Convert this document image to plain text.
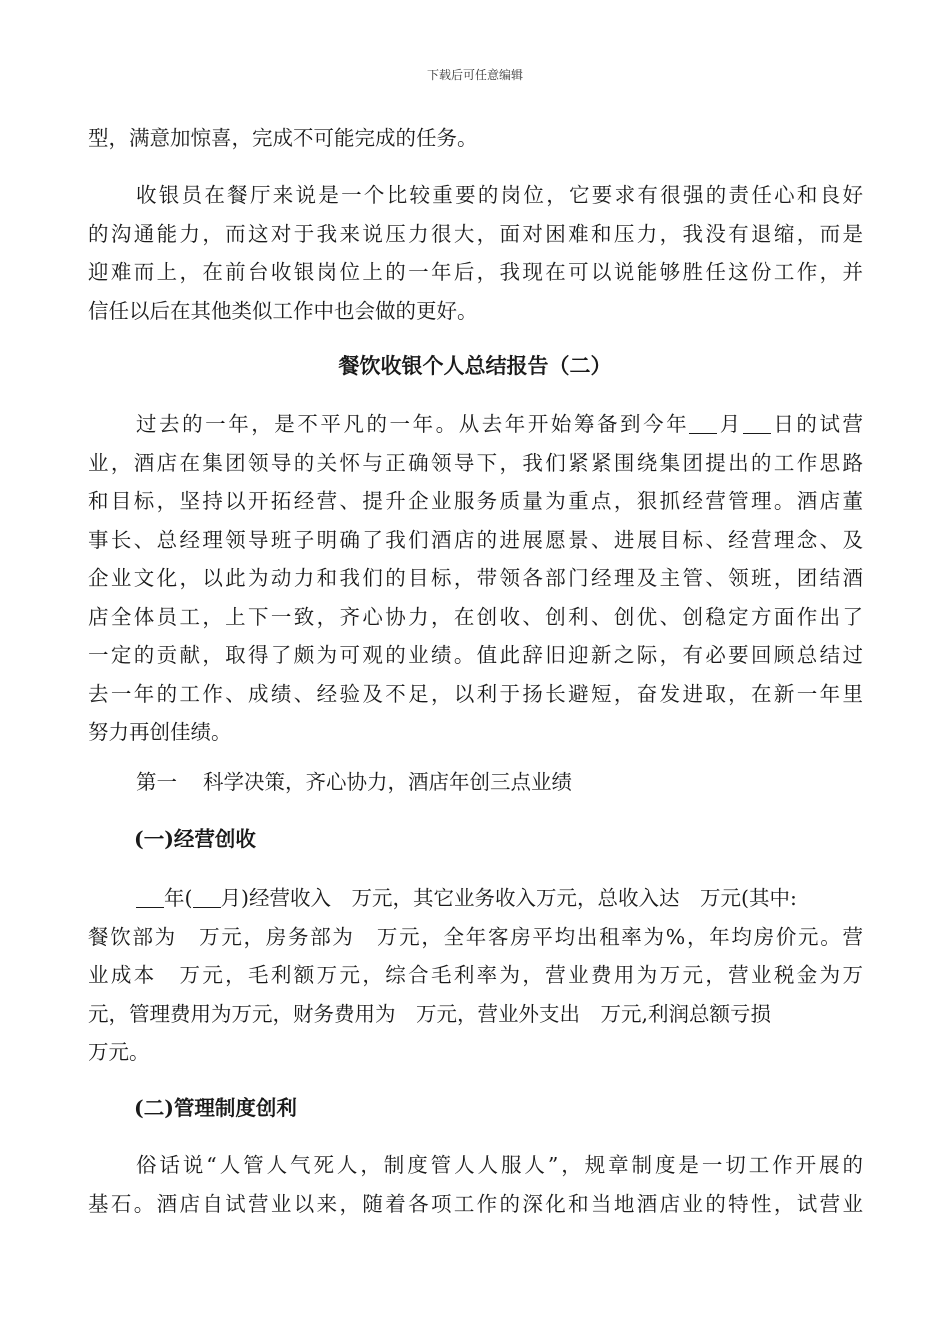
下载后可任意编辑
型，满意加惊喜，完成不可能完成的任务。
收银员在餐厅来说是一个比较重要的岗位，它要求有很强的责任心和良好
的沟通能力，而这对于我来说压力很大，面对困难和压力，我没有退缩，而是
迎难而上，在前台收银岗位上的一年后，我现在可以说能够胜任这份工作，并
信任以后在其他类似工作中也会做的更好。
餐饮收银个人总结报告（二）
过去的一年，是不平凡的一年。从去年开始筹备到今年 月 日的试营
业，酒店在集团领导的关怀与正确领导下，我们紧紧围绕集团提出的工作思路
和目标，坚持以开拓经营、提升企业服务质量为重点，狠抓经营管理。酒店董
事长、总经理领导班子明确了我们酒店的进展愿景、进展目标、经营理念、及
企业文化，以此为动力和我们的目标，带领各部门经理及主管、领班，团结酒
店全体员工，上下一致，齐心协力，在创收、创利、创优、创稳定方面作出了
一定的贡献，取得了颇为可观的业绩。值此辞旧迎新之际，有必要回顾总结过
去一年的工作、成绩、经验及不足，以利于扬长避短，奋发进取，在新一年里
努力再创佳绩。
第一 科学决策，齐心协力，酒店年创三点业绩
(一)经营创收
年( 月)经营收入　万元，其它业务收入万元，总收入达　万元(其中:
餐饮部为　万元，房务部为　万元，全年客房平均出租率为%，年均房价元。营
业成本　万元，毛利额万元，综合毛利率为，营业费用为万元，营业税金为万
元，管理费用为万元，财务费用为　万元，营业外支出　万元,利润总额亏损
万元。
(二)管理制度创利
俗话说“人管人气死人，制度管人人服人”，规章制度是一切工作开展的
基石。酒店自试营业以来，随着各项工作的深化和当地酒店业的特性，试营业
